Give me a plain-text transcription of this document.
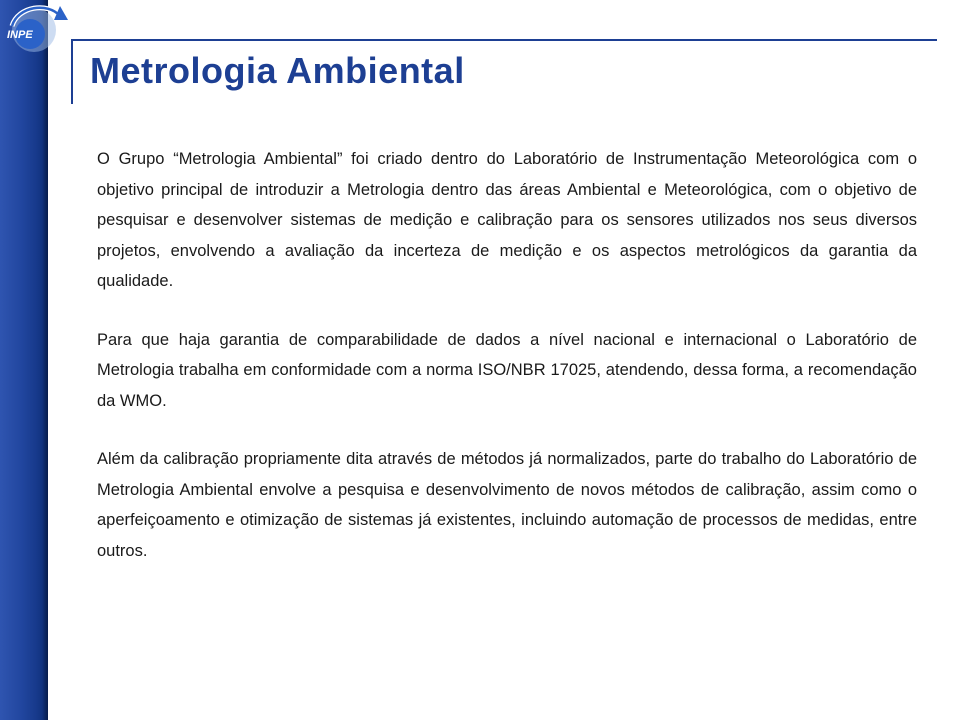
INPE
Metrologia Ambiental

O Grupo “Metrologia Ambiental” foi criado dentro do Laboratório de Instrumentação Meteorológica com o objetivo principal de introduzir a Metrologia dentro das áreas Ambiental e Meteorológica, com o objetivo de pesquisar e desenvolver sistemas de medição e calibração para os sensores utilizados nos seus diversos projetos, envolvendo a avaliação da incerteza de medição e os aspectos metrológicos da garantia da qualidade.

Para que haja garantia de comparabilidade de dados a nível nacional e internacional o Laboratório de Metrologia trabalha em conformidade com a norma ISO/NBR 17025, atendendo, dessa forma, a recomendação da WMO.

Além da calibração propriamente dita através de métodos já normalizados, parte do trabalho do Laboratório de Metrologia Ambiental envolve a pesquisa e desenvolvimento de novos métodos de calibração, assim como o aperfeiçoamento e otimização de sistemas já existentes, incluindo automação de processos de medidas, entre outros.
